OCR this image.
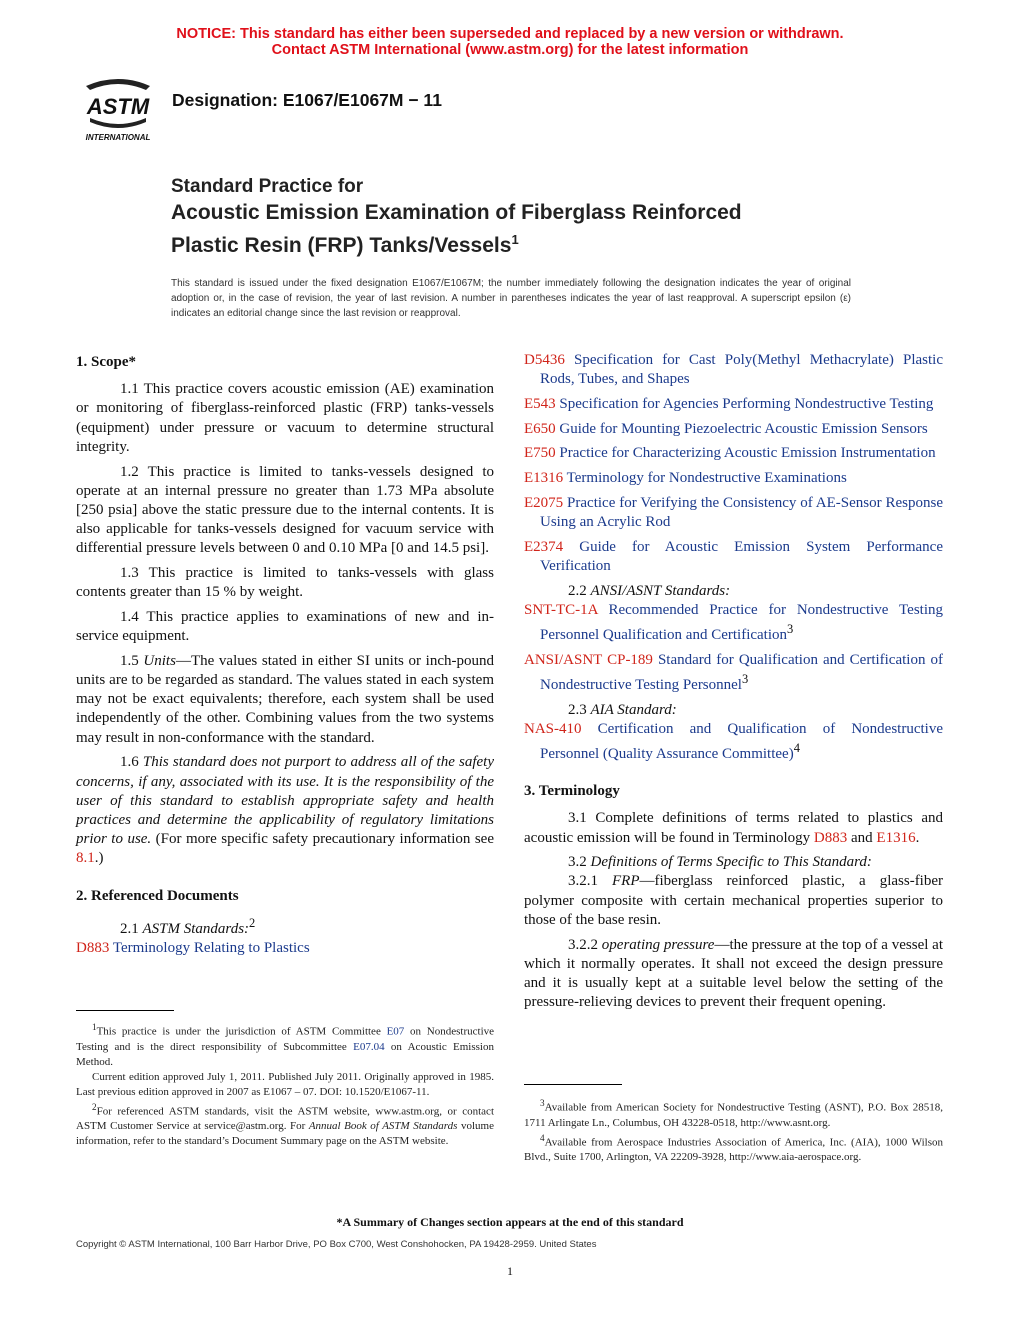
NOTICE: This standard has either been superseded and replaced by a new version or withdrawn.
Contact ASTM International (www.astm.org) for the latest information
ASTM
INTERNATIONAL
Designation: E1067/E1067M − 11
Standard Practice for
Acoustic Emission Examination of Fiberglass Reinforced
Plastic Resin (FRP) Tanks/Vessels$^1$
This standard is issued under the fixed designation E1067/E1067M; the number immediately following the designation indicates the year of original adoption or, in the case of revision, the year of last revision. A number in parentheses indicates the year of last reapproval. A superscript epsilon (ε) indicates an editorial change since the last revision or reapproval.

1. Scope*

1.1 This practice covers acoustic emission (AE) examination or monitoring of fiberglass-reinforced plastic (FRP) tanks-vessels (equipment) under pressure or vacuum to determine structural integrity.

1.2 This practice is limited to tanks-vessels designed to operate at an internal pressure no greater than 1.73 MPa absolute [250 psia] above the static pressure due to the internal contents. It is also applicable for tanks-vessels designed for vacuum service with differential pressure levels between 0 and 0.10 MPa [0 and 14.5 psi].

1.3 This practice is limited to tanks-vessels with glass contents greater than 15 % by weight.

1.4 This practice applies to examinations of new and in-service equipment.

1.5 Units—The values stated in either SI units or inch-pound units are to be regarded as standard. The values stated in each system may not be exact equivalents; therefore, each system shall be used independently of the other. Combining values from the two systems may result in non-conformance with the standard.

1.6 This standard does not purport to address all of the safety concerns, if any, associated with its use. It is the responsibility of the user of this standard to establish appropriate safety and health practices and determine the applicability of regulatory limitations prior to use. (For more specific safety precautionary information see 8.1.)

2. Referenced Documents

2.1 ASTM Standards:$^2$

D883 Terminology Relating to Plastics

$^1$This practice is under the jurisdiction of ASTM Committee E07 on Nondestructive Testing and is the direct responsibility of Subcommittee E07.04 on Acoustic Emission Method.

Current edition approved July 1, 2011. Published July 2011. Originally approved in 1985. Last previous edition approved in 2007 as E1067 – 07. DOI: 10.1520/E1067-11.

$^2$For referenced ASTM standards, visit the ASTM website, www.astm.org, or contact ASTM Customer Service at service@astm.org. For Annual Book of ASTM Standards volume information, refer to the standard’s Document Summary page on the ASTM website.

D5436 Specification for Cast Poly(Methyl Methacrylate) Plastic Rods, Tubes, and Shapes

E543 Specification for Agencies Performing Nondestructive Testing

E650 Guide for Mounting Piezoelectric Acoustic Emission Sensors

E750 Practice for Characterizing Acoustic Emission Instrumentation

E1316 Terminology for Nondestructive Examinations

E2075 Practice for Verifying the Consistency of AE-Sensor Response Using an Acrylic Rod

E2374 Guide for Acoustic Emission System Performance Verification

2.2 ANSI/ASNT Standards:

SNT-TC-1A Recommended Practice for Nondestructive Testing Personnel Qualification and Certification$^3$

ANSI/ASNT CP-189 Standard for Qualification and Certification of Nondestructive Testing Personnel$^3$

2.3 AIA Standard:

NAS-410 Certification and Qualification of Nondestructive Personnel (Quality Assurance Committee)$^4$

3. Terminology

3.1 Complete definitions of terms related to plastics and acoustic emission will be found in Terminology D883 and E1316.

3.2 Definitions of Terms Specific to This Standard:

3.2.1 FRP—fiberglass reinforced plastic, a glass-fiber polymer composite with certain mechanical properties superior to those of the base resin.

3.2.2 operating pressure—the pressure at the top of a vessel at which it normally operates. It shall not exceed the design pressure and it is usually kept at a suitable level below the setting of the pressure-relieving devices to prevent their frequent opening.

$^3$Available from American Society for Nondestructive Testing (ASNT), P.O. Box 28518, 1711 Arlingate Ln., Columbus, OH 43228-0518, http://www.asnt.org.

$^4$Available from Aerospace Industries Association of America, Inc. (AIA), 1000 Wilson Blvd., Suite 1700, Arlington, VA 22209-3928, http://www.aia-aerospace.org.

*A Summary of Changes section appears at the end of this standard
Copyright © ASTM International, 100 Barr Harbor Drive, PO Box C700, West Conshohocken, PA 19428-2959. United States
1
